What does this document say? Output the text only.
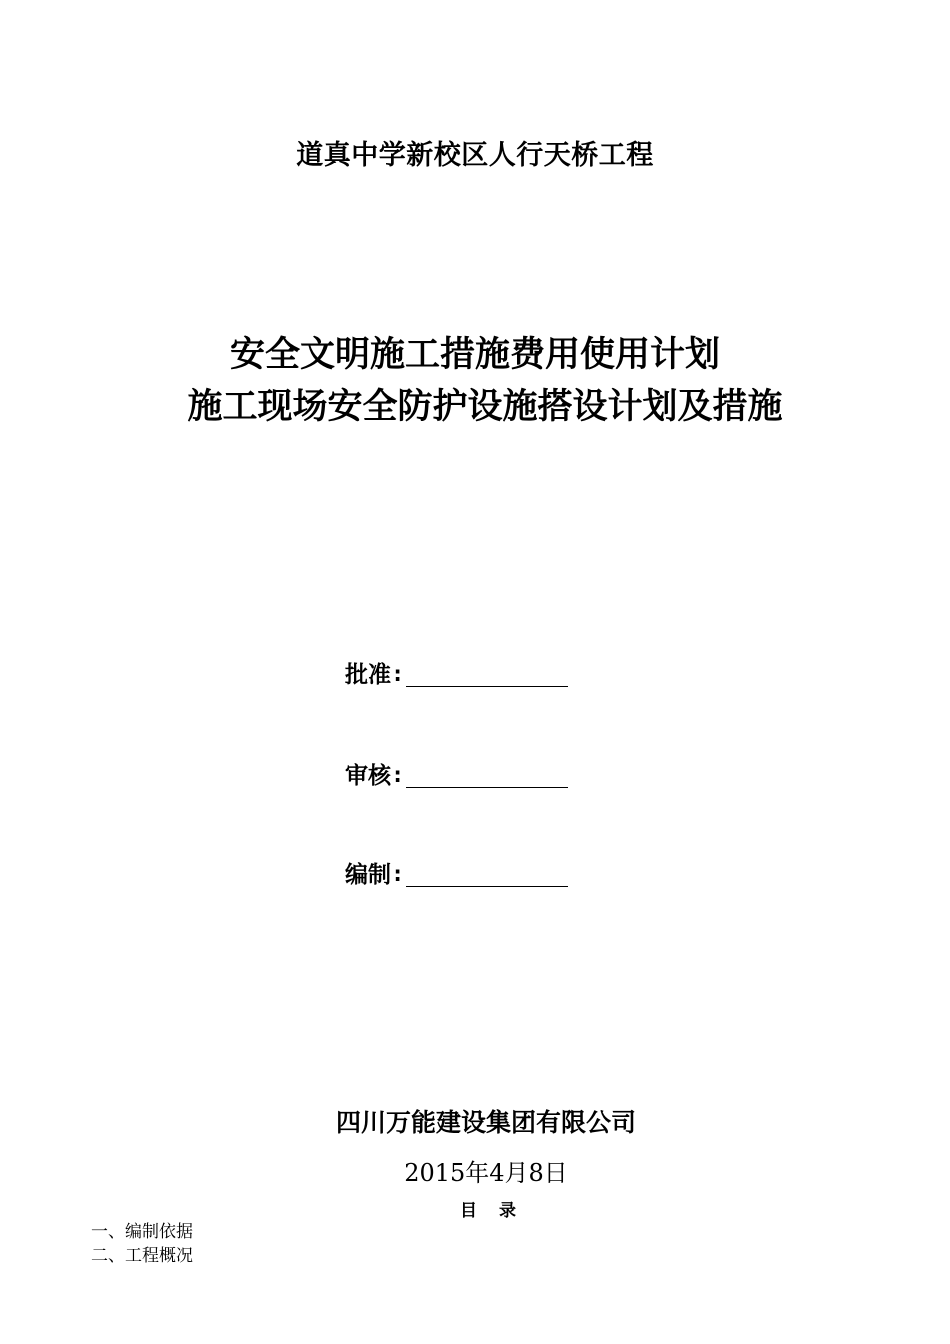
道真中学新校区人行天桥工程
安全文明施工措施费用使用计划
施工现场安全防护设施搭设计划及措施
批准 :
审核 :
编制 :
四川万能建设集团有限公司
2015年4月8日
目录
一、编制依据
二、工程概况
